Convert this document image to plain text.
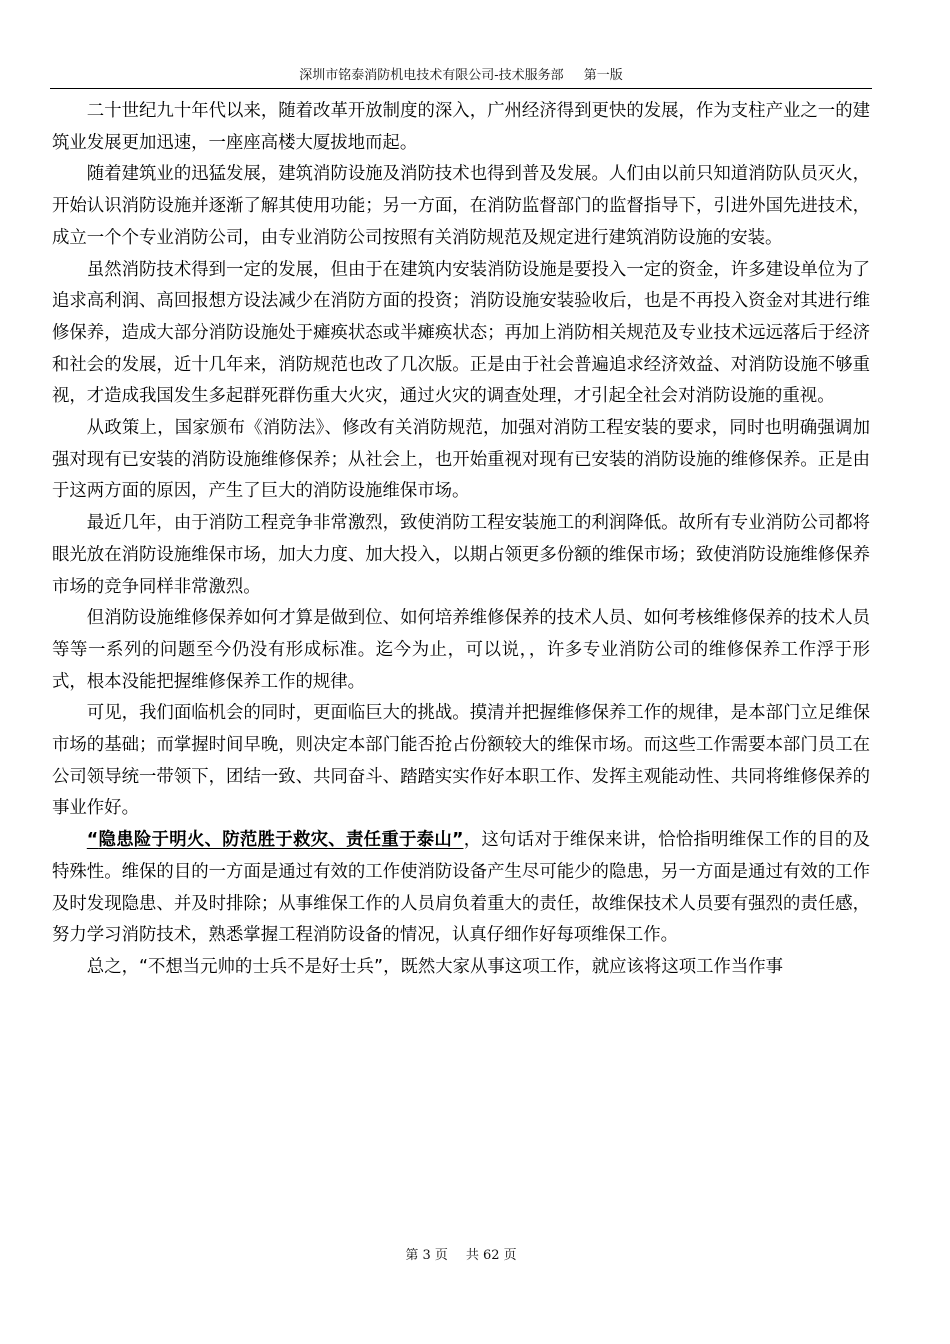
深圳市铭泰消防机电技术有限公司-技术服务部 第一版

二十世纪九十年代以来，随着改革开放制度的深入，广州经济得到更快的发展，作为支柱产业之一的建筑业发展更加迅速，一座座高楼大厦拔地而起。

随着建筑业的迅猛发展，建筑消防设施及消防技术也得到普及发展。人们由以前只知道消防队员灭火，开始认识消防设施并逐渐了解其使用功能；另一方面，在消防监督部门的监督指导下，引进外国先进技术，成立一个个专业消防公司，由专业消防公司按照有关消防规范及规定进行建筑消防设施的安装。

虽然消防技术得到一定的发展，但由于在建筑内安装消防设施是要投入一定的资金，许多建设单位为了追求高利润、高回报想方设法减少在消防方面的投资；消防设施安装验收后，也是不再投入资金对其进行维修保养，造成大部分消防设施处于瘫痪状态或半瘫痪状态；再加上消防相关规范及专业技术远远落后于经济和社会的发展，近十几年来，消防规范也改了几次版。正是由于社会普遍追求经济效益、对消防设施不够重视，才造成我国发生多起群死群伤重大火灾，通过火灾的调查处理，才引起全社会对消防设施的重视。

从政策上，国家颁布《消防法》、修改有关消防规范，加强对消防工程安装的要求，同时也明确强调加强对现有已安装的消防设施维修保养；从社会上，也开始重视对现有已安装的消防设施的维修保养。正是由于这两方面的原因，产生了巨大的消防设施维保市场。

最近几年，由于消防工程竞争非常激烈，致使消防工程安装施工的利润降低。故所有专业消防公司都将眼光放在消防设施维保市场，加大力度、加大投入，以期占领更多份额的维保市场；致使消防设施维修保养市场的竞争同样非常激烈。

但消防设施维修保养如何才算是做到位、如何培养维修保养的技术人员、如何考核维修保养的技术人员等等一系列的问题至今仍没有形成标准。迄今为止，可以说，，许多专业消防公司的维修保养工作浮于形式，根本没能把握维修保养工作的规律。

可见，我们面临机会的同时，更面临巨大的挑战。摸清并把握维修保养工作的规律，是本部门立足维保市场的基础；而掌握时间早晚，则决定本部门能否抢占份额较大的维保市场。而这些工作需要本部门员工在公司领导统一带领下，团结一致、共同奋斗、踏踏实实作好本职工作、发挥主观能动性、共同将维修保养的事业作好。

“隐患险于明火、防范胜于救灾、责任重于泰山”，这句话对于维保来讲，恰恰指明维保工作的目的及特殊性。维保的目的一方面是通过有效的工作使消防设备产生尽可能少的隐患，另一方面是通过有效的工作及时发现隐患、并及时排除；从事维保工作的人员肩负着重大的责任，故维保技术人员要有强烈的责任感，努力学习消防技术，熟悉掌握工程消防设备的情况，认真仔细作好每项维保工作。

总之，“不想当元帅的士兵不是好士兵”，既然大家从事这项工作，就应该将这项工作当作事

第 3 页 共 62 页
